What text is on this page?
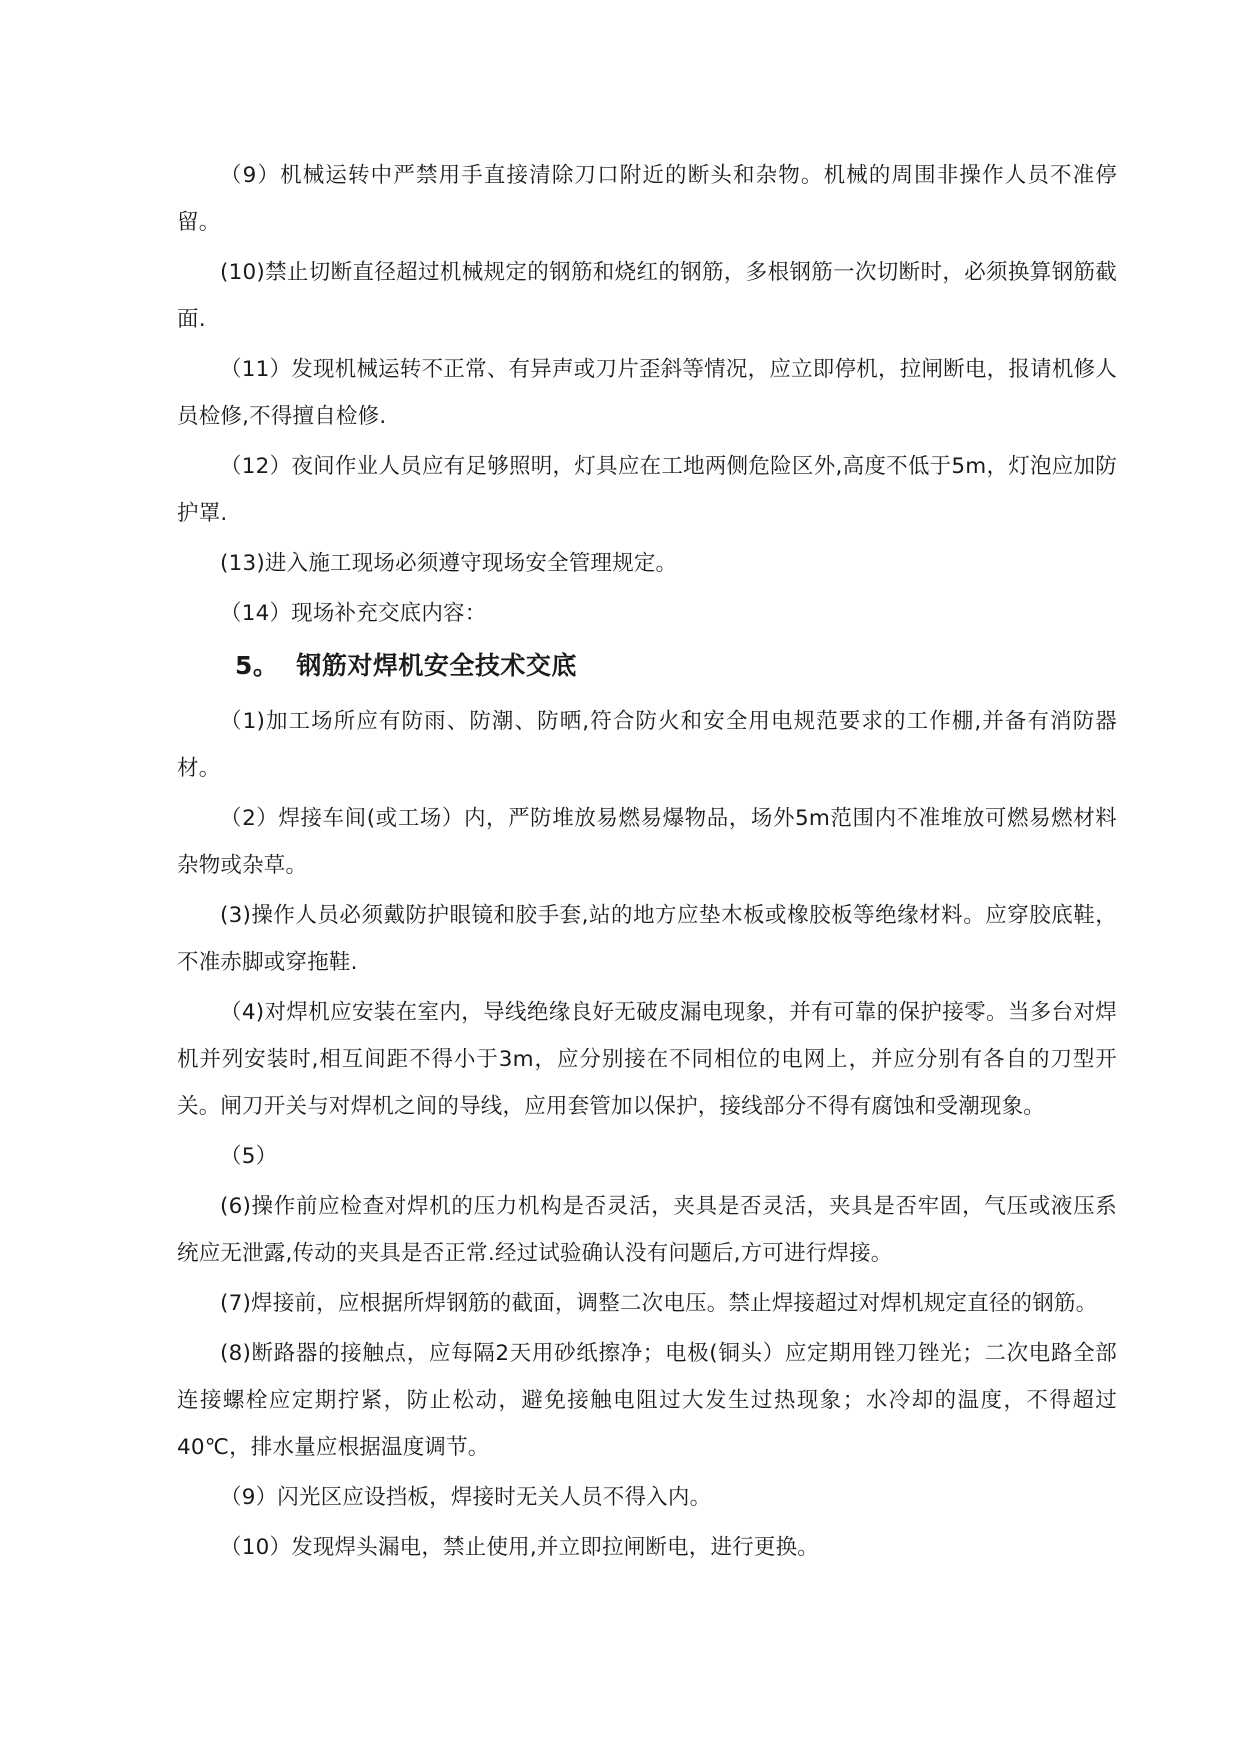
（9）机械运转中严禁用手直接清除刀口附近的断头和杂物。机械的周围非操作人员不准停留。

(10)禁止切断直径超过机械规定的钢筋和烧红的钢筋，多根钢筋一次切断时，必须换算钢筋截面.

（11）发现机械运转不正常、有异声或刀片歪斜等情况，应立即停机，拉闸断电，报请机修人员检修,不得擅自检修.

（12）夜间作业人员应有足够照明，灯具应在工地两侧危险区外,高度不低于5m，灯泡应加防护罩.

(13)进入施工现场必须遵守现场安全管理规定。

（14）现场补充交底内容：

5。 钢筋对焊机安全技术交底

（1)加工场所应有防雨、防潮、防晒,符合防火和安全用电规范要求的工作棚,并备有消防器材。

（2）焊接车间(或工场）内，严防堆放易燃易爆物品，场外5m范围内不准堆放可燃易燃材料杂物或杂草。

(3)操作人员必须戴防护眼镜和胶手套,站的地方应垫木板或橡胶板等绝缘材料。应穿胶底鞋，不准赤脚或穿拖鞋.

（4)对焊机应安装在室内，导线绝缘良好无破皮漏电现象，并有可靠的保护接零。当多台对焊机并列安装时,相互间距不得小于3m，应分别接在不同相位的电网上，并应分别有各自的刀型开关。闸刀开关与对焊机之间的导线，应用套管加以保护，接线部分不得有腐蚀和受潮现象。

（5）

(6)操作前应检查对焊机的压力机构是否灵活，夹具是否灵活，夹具是否牢固，气压或液压系统应无泄露,传动的夹具是否正常.经过试验确认没有问题后,方可进行焊接。

(7)焊接前，应根据所焊钢筋的截面，调整二次电压。禁止焊接超过对焊机规定直径的钢筋。

(8)断路器的接触点，应每隔2天用砂纸擦净；电极(铜头）应定期用锉刀锉光；二次电路全部连接螺栓应定期拧紧，防止松动，避免接触电阻过大发生过热现象；水冷却的温度，不得超过40℃，排水量应根据温度调节。

（9）闪光区应设挡板，焊接时无关人员不得入内。

（10）发现焊头漏电，禁止使用,并立即拉闸断电，进行更换。
